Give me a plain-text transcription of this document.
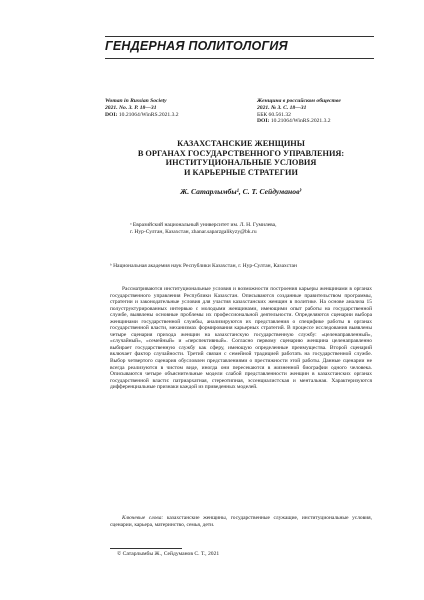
ГЕНДЕРНАЯ ПОЛИТОЛОГИЯ
Woman in Russian Society
2021. No. 3. P. 18—31
DOI: 10.21064/WinRS.2021.3.2
Женщина в российском обществе
2021. № 3. С. 18—31
ББК 60.561.32
DOI: 10.21064/WinRS.2021.3.2
КАЗАХСТАНСКИЕ ЖЕНЩИНЫ
В ОРГАНАХ ГОСУДАРСТВЕННОГО УПРАВЛЕНИЯ:
ИНСТИТУЦИОНАЛЬНЫЕ УСЛОВИЯ
И КАРЬЕРНЫЕ СТРАТЕГИИ
Ж. Сатарлымбы¹, С. Т. Сейдуманов⁾
ᵃ Евразийский национальный университет им. Л. Н. Гумилева,
г. Нур-Султан, Казахстан, zhanar.saparzgalikyzy@bk.ru
ᵇ Национальная академия наук Республики Казахстан, г. Нур-Султан, Казахстан
Рассматриваются институциональные условия и возможности построения карьеры женщинами в органах государственного управления Республики Казахстан. Описываются созданные правительством программы, стратегии и законодательные условия для участия казахстанских женщин в политике. На основе анализа 15 полуструктурированных интервью с молодыми женщинами, имеющими опыт работы на государственной службе, выявлены основные проблемы их профессиональной деятельности. Определяются сценарии выбора женщинами государственной службы, анализируются их представления о специфике работы в органах государственной власти, механизмах формирования карьерных стратегий. В процессе исследования выявлены четыре сценария прихода женщин на казахстанскую государственную службу: «целенаправленный», «случайный», «семейный» и «перспективный». Согласно первому сценарию женщина целенаправленно выбирает государственную службу как сферу, имеющую определенные преимущества. Второй сценарий включает фактор случайности. Третий связан с семейной традицией работать на государственной службе. Выбор четвертого сценария обусловлен представлениями о престижности этой работы. Данные сценарии не всегда реализуются в чистом виде, иногда они пересекаются в жизненной биографии одного человека. Описываются четыре объяснительные модели слабой представленности женщин в казахстанских органах государственной власти: патриархатная, стереотипная, эссенциалистская и ментальная. Характеризуются дифференциальные признаки каждой из приведенных моделей.
Ключевые слова: казахстанские женщины, государственные служащие, институциональные условия, сценарии, карьера, материнство, семья, дети.
© Сатарлымбы Ж., Сейдуманов С. Т., 2021
